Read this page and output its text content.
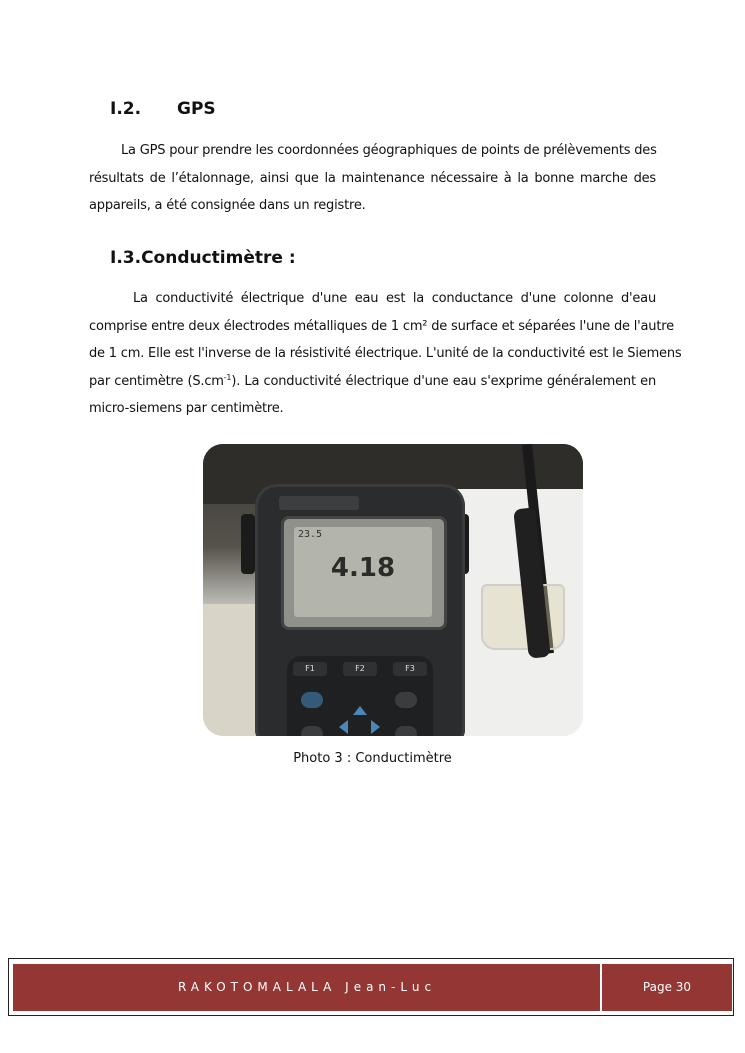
I.2. GPS
La GPS pour prendre les coordonnées géographiques de points de prélèvements des
résultats de l’étalonnage, ainsi que la maintenance nécessaire à la bonne marche des
appareils, a été consignée dans un registre.
I.3.Conductimètre :
La conductivité électrique d'une eau est la conductance d'une colonne d'eau
comprise entre deux électrodes métalliques de 1 cm² de surface et séparées l'une de l'autre
de 1 cm. Elle est l'inverse de la résistivité électrique. L'unité de la conductivité est le Siemens
par centimètre $(S.cm^{-1})$. La conductivité électrique d'une eau s'exprime généralement en
micro-siemens par centimètre.
23.5
4.18
F1	F2	F3
Photo 3 : Conductimètre
RAKOTOMALALA Jean-Luc	Page 30
